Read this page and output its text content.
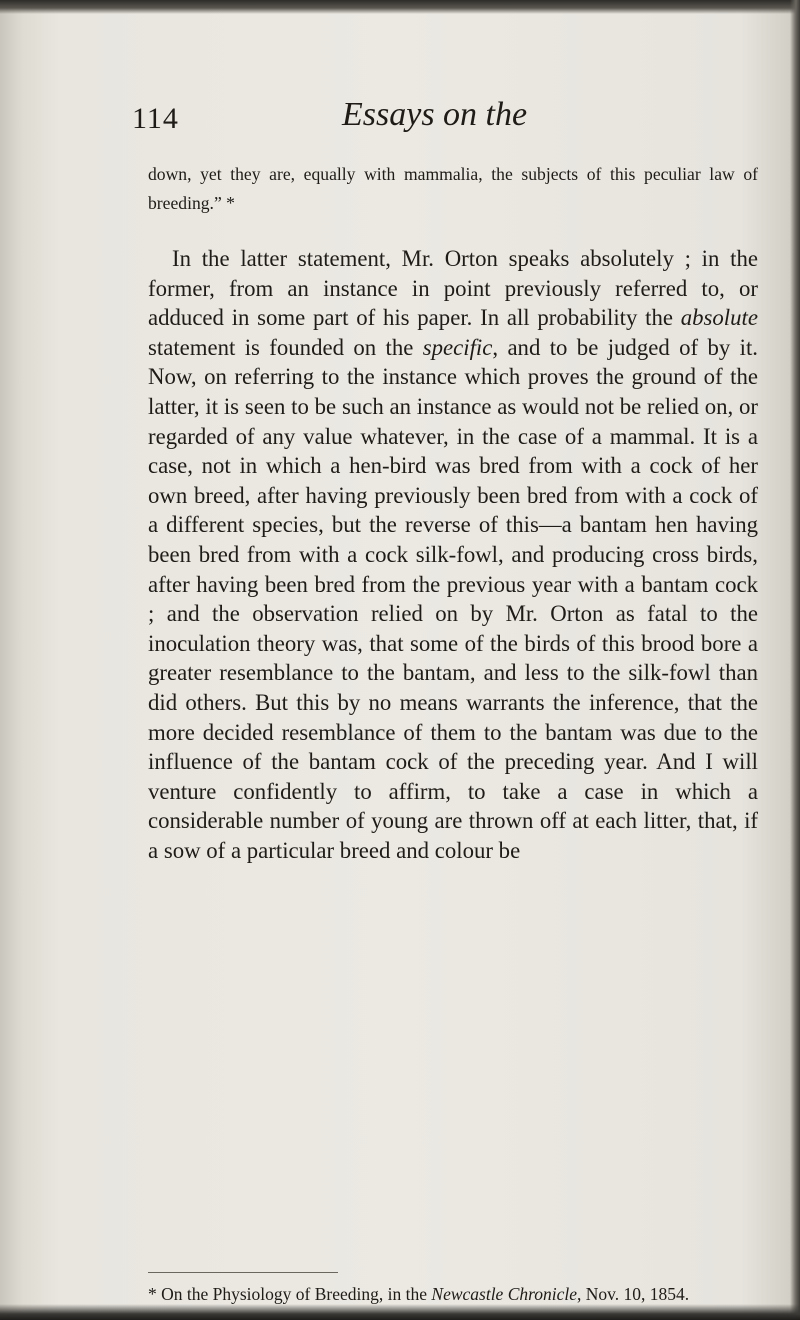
114	Essays on the

down, yet they are, equally with mammalia, the subjects of this peculiar law of breeding.” *

In the latter statement, Mr. Orton speaks absolutely ; in the former, from an instance in point previously referred to, or adduced in some part of his paper. In all probability the absolute statement is founded on the specific, and to be judged of by it. Now, on referring to the instance which proves the ground of the latter, it is seen to be such an instance as would not be relied on, or regarded of any value whatever, in the case of a mammal. It is a case, not in which a hen-bird was bred from with a cock of her own breed, after having previously been bred from with a cock of a different species, but the reverse of this—a bantam hen having been bred from with a cock silk-fowl, and producing cross birds, after having been bred from the previous year with a bantam cock ; and the observation relied on by Mr. Orton as fatal to the inoculation theory was, that some of the birds of this brood bore a greater resemblance to the bantam, and less to the silk-fowl than did others. But this by no means warrants the inference, that the more decided resemblance of them to the bantam was due to the influence of the bantam cock of the preceding year. And I will venture confidently to affirm, to take a case in which a considerable number of young are thrown off at each litter, that, if a sow of a particular breed and colour be

* On the Physiology of Breeding, in the Newcastle Chronicle, Nov. 10, 1854.
